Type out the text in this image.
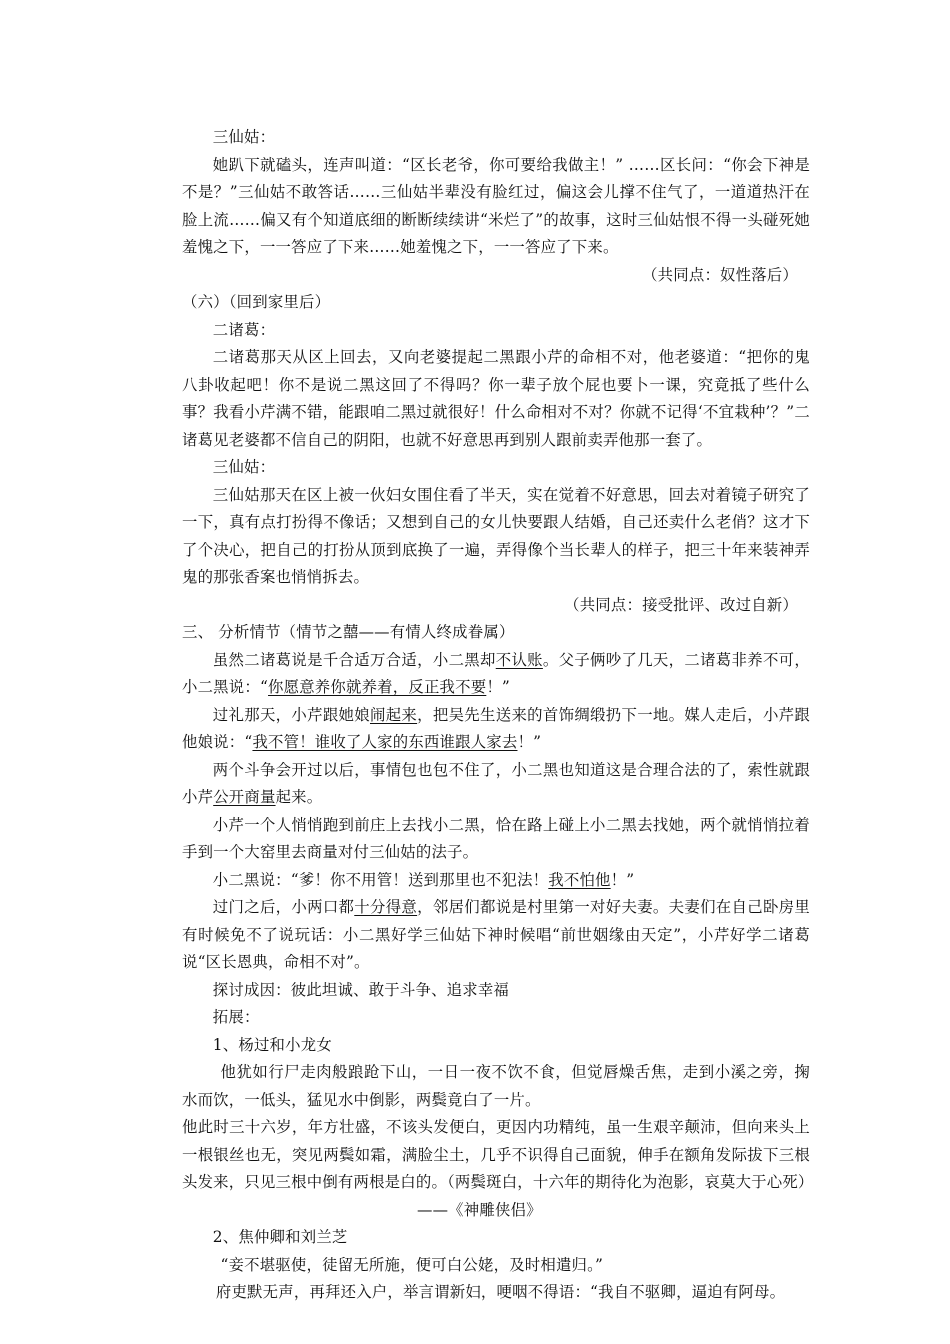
三仙姑：

她趴下就磕头，连声叫道：“区长老爷，你可要给我做主！” ……区长问：“你会下神是不是？”三仙姑不敢答话……三仙姑半辈没有脸红过，偏这会儿撑不住气了，一道道热汗在脸上流……偏又有个知道底细的断断续续讲“米烂了”的故事，这时三仙姑恨不得一头碰死她羞愧之下，一一答应了下来……她羞愧之下，一一答应了下来。

（共同点：奴性落后）

（六）（回到家里后）

二诸葛：

二诸葛那天从区上回去，又向老婆提起二黑跟小芹的命相不对，他老婆道：“把你的鬼八卦收起吧！你不是说二黑这回了不得吗？你一辈子放个屁也要卜一课，究竟抵了些什么事？我看小芹满不错，能跟咱二黑过就很好！什么命相对不对？你就不记得‘不宜栽种’？”二诸葛见老婆都不信自己的阴阳，也就不好意思再到别人跟前卖弄他那一套了。

三仙姑：

三仙姑那天在区上被一伙妇女围住看了半天，实在觉着不好意思，回去对着镜子研究了一下，真有点打扮得不像话；又想到自己的女儿快要跟人结婚，自己还卖什么老俏？这才下了个决心，把自己的打扮从顶到底换了一遍，弄得像个当长辈人的样子，把三十年来装神弄鬼的那张香案也悄悄拆去。

（共同点：接受批评、改过自新）

三、 分析情节（情节之囍——有情人终成眷属）

虽然二诸葛说是千合适万合适，小二黑却不认账。父子俩吵了几天，二诸葛非养不可，小二黑说：“你愿意养你就养着，反正我不要！”

过礼那天，小芹跟她娘闹起来，把吴先生送来的首饰绸缎扔下一地。媒人走后，小芹跟他娘说：“我不管！谁收了人家的东西谁跟人家去！”

两个斗争会开过以后，事情包也包不住了，小二黑也知道这是合理合法的了，索性就跟小芹公开商量起来。

小芹一个人悄悄跑到前庄上去找小二黑，恰在路上碰上小二黑去找她，两个就悄悄拉着手到一个大窑里去商量对付三仙姑的法子。

小二黑说：“爹！你不用管！送到那里也不犯法！我不怕他！”

过门之后，小两口都十分得意，邻居们都说是村里第一对好夫妻。夫妻们在自己卧房里有时候免不了说玩话：小二黑好学三仙姑下神时候唱“前世姻缘由天定”，小芹好学二诸葛说“区长恩典，命相不对”。

探讨成因：彼此坦诚、敢于斗争、追求幸福

拓展：

1、杨过和小龙女

他犹如行尸走肉般踉跄下山，一日一夜不饮不食，但觉唇燥舌焦，走到小溪之旁，掬水而饮，一低头，猛见水中倒影，两鬓竟白了一片。

他此时三十六岁，年方壮盛，不该头发便白，更因内功精纯，虽一生艰辛颠沛，但向来头上一根银丝也无，突见两鬓如霜，满脸尘土，几乎不识得自己面貌，伸手在额角发际拔下三根头发来，只见三根中倒有两根是白的。（两鬓斑白，十六年的期待化为泡影，哀莫大于心死）

——《神雕侠侣》

2、焦仲卿和刘兰芝

“妾不堪驱使，徒留无所施，便可白公姥，及时相遣归。”

府吏默无声，再拜还入户，举言谓新妇，哽咽不得语：“我自不驱卿，逼迫有阿母。
